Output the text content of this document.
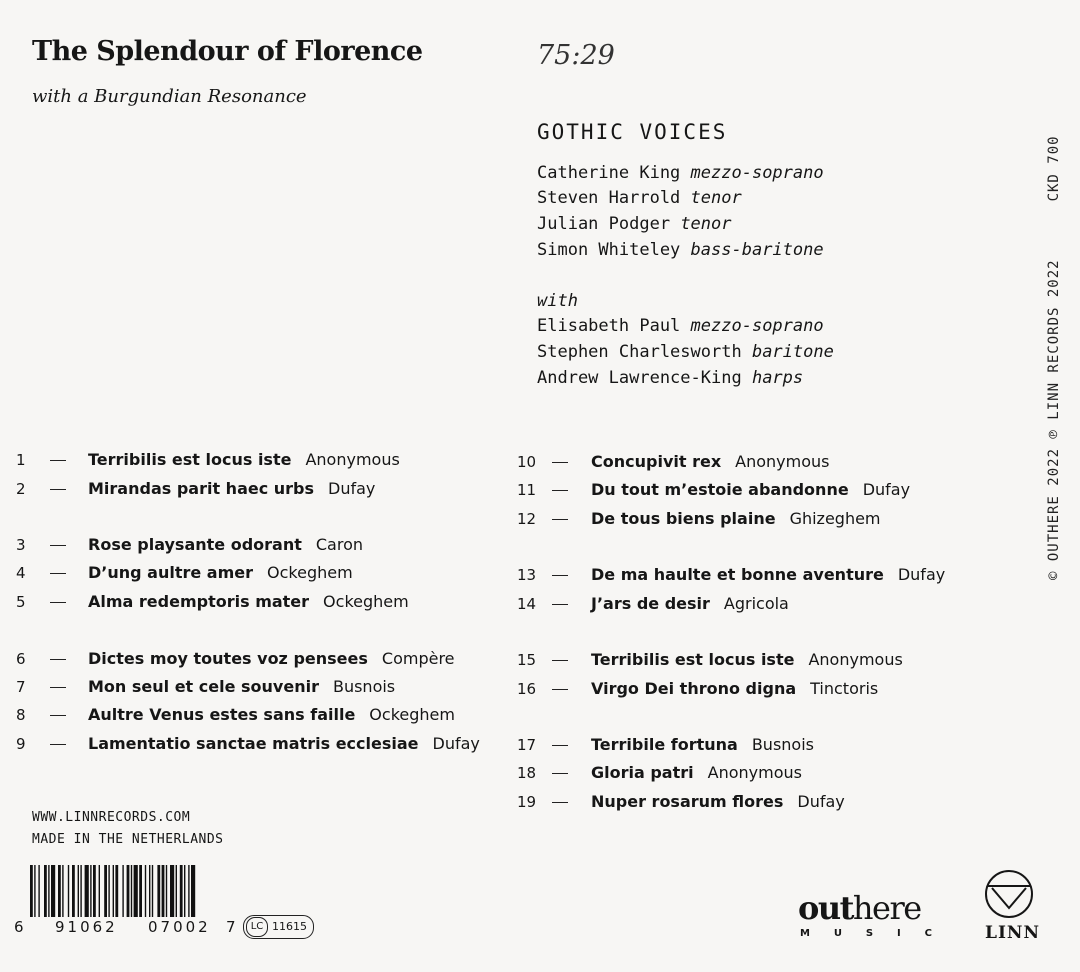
The Splendour of Florence
with a Burgundian Resonance
75:29
GOTHIC VOICES
Catherine King mezzo-soprano
Steven Harrold tenor
Julian Podger tenor
Simon Whiteley bass-baritone
with
Elisabeth Paul mezzo-soprano
Stephen Charlesworth baritone
Andrew Lawrence-King harps	© OUTHERE 2022 ℗ LINN RECORDS 2022CKD 700
1	Terribilis est locus iste Anonymous
2	Mirandas parit haec urbs Dufay
3	Rose playsante odorant Caron
4	D’ung aultre amer Ockeghem
5	Alma redemptoris mater Ockeghem
6	Dictes moy toutes voz pensees Compère
7	Mon seul et cele souvenir Busnois
8	Aultre Venus estes sans faille Ockeghem
9	Lamentatio sanctae matris ecclesiae Dufay
10	Concupivit rex Anonymous
11	Du tout m’estoie abandonne Dufay
12	De tous biens plaine Ghizeghem
13	De ma haulte et bonne aventure Dufay
14	J’ars de desir Agricola
15	Terribilis est locus iste Anonymous
16	Virgo Dei throno digna Tinctoris
17	Terribile fortuna Busnois
18	Gloria patri Anonymous
19	Nuper rosarum flores Dufay
WWW.LINNRECORDS.COM
MADE IN THE NETHERLANDS
6 91062 07002 7	LC 11615	outhere
M U S I C	LINN
